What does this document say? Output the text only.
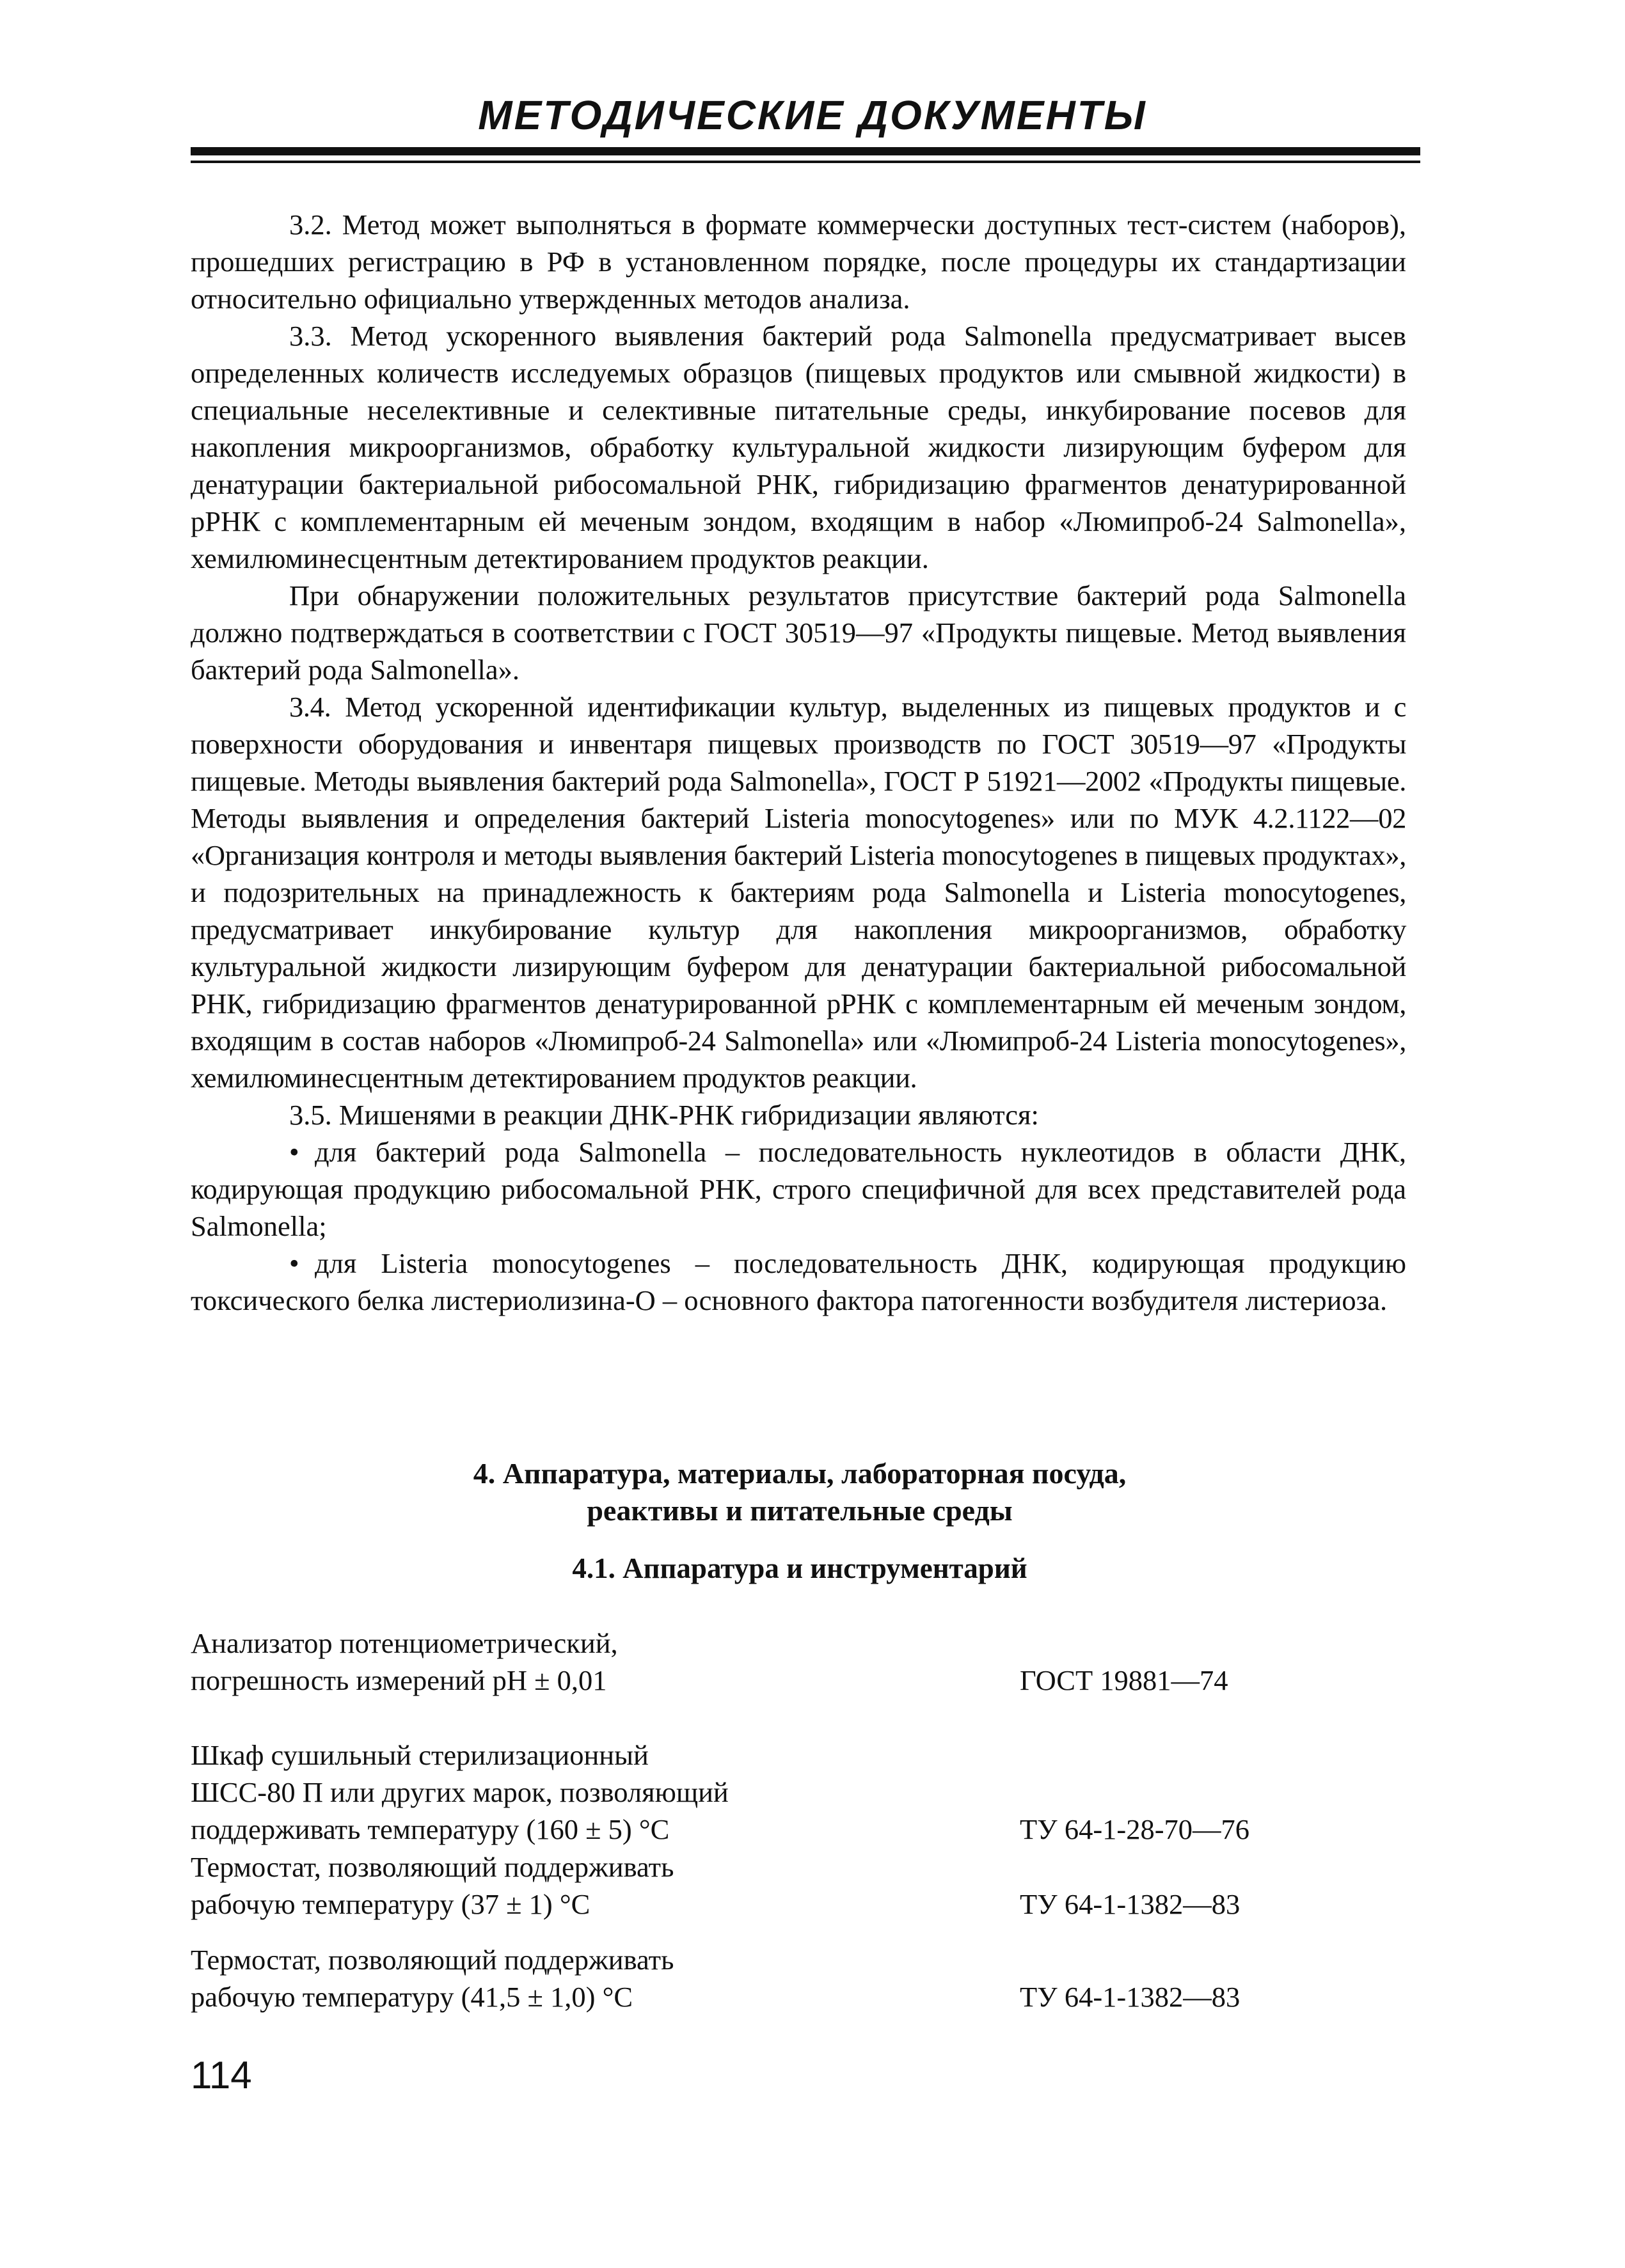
МЕТОДИЧЕСКИЕ ДОКУМЕНТЫ

3.2. Метод может выполняться в формате коммерчески доступных тест-систем (наборов), прошедших регистрацию в РФ в установленном порядке, после процедуры их стандартизации относительно официально утвержденных методов анализа.

3.3. Метод ускоренного выявления бактерий рода Salmonella предусматривает высев определенных количеств исследуемых образцов (пищевых продуктов или смывной жидкости) в специальные неселективные и селективные питательные среды, инкубирование посевов для накопления микроорганизмов, обработку культуральной жидкости лизирующим буфером для денатурации бактериальной рибосомальной РНК, гибридизацию фрагментов денатурированной рРНК с комплементарным ей меченым зондом, входящим в набор «Люмипроб-24 Salmonella», хемилюминесцентным детектированием продуктов реакции.

При обнаружении положительных результатов присутствие бактерий рода Salmonella должно подтверждаться в соответствии с ГОСТ 30519—97 «Продукты пищевые. Метод выявления бактерий рода Salmonella».

3.4. Метод ускоренной идентификации культур, выделенных из пищевых продуктов и с поверхности оборудования и инвентаря пищевых производств по ГОСТ 30519—97 «Продукты пищевые. Методы выявления бактерий рода Salmonella», ГОСТ Р 51921—2002 «Продукты пищевые. Методы выявления и определения бактерий Listeria monocytogenes» или по МУК 4.2.1122—02 «Организация контроля и методы выявления бактерий Listeria monocytogenes в пищевых продуктах», и подозрительных на принадлежность к бактериям рода Salmonella и Listeria monocytogenes, предусматривает инкубирование культур для накопления микроорганизмов, обработку культуральной жидкости лизирующим буфером для денатурации бактериальной рибосомальной РНК, гибридизацию фрагментов денатурированной рРНК с комплементарным ей меченым зондом, входящим в состав наборов «Люмипроб-24 Salmonella» или «Люмипроб-24 Listeria monocytogenes», хемилюминесцентным детектированием продуктов реакции.

3.5. Мишенями в реакции ДНК-РНК гибридизации являются:

• для бактерий рода Salmonella – последовательность нуклеотидов в области ДНК, кодирующая продукцию рибосомальной РНК, строго специфичной для всех представителей рода Salmonella;

• для Listeria monocytogenes – последовательность ДНК, кодирующая продукцию токсического белка листериолизина-О – основного фактора патогенности возбудителя листериоза.

4. Аппаратура, материалы, лабораторная посуда,
реактивы и питательные среды
4.1. Аппаратура и инструментарий
Анализатор потенциометрический,
погрешность измерений pH ± 0,01	ГОСТ 19881—74
Шкаф сушильный стерилизационный
ШСС-80 П или других марок, позволяющий
поддерживать температуру (160 ± 5) °С	ТУ 64-1-28-70—76
Термостат, позволяющий поддерживать
рабочую температуру (37 ± 1) °С	ТУ 64-1-1382—83
Термостат, позволяющий поддерживать
рабочую температуру (41,5 ± 1,0) °С	ТУ 64-1-1382—83
114
